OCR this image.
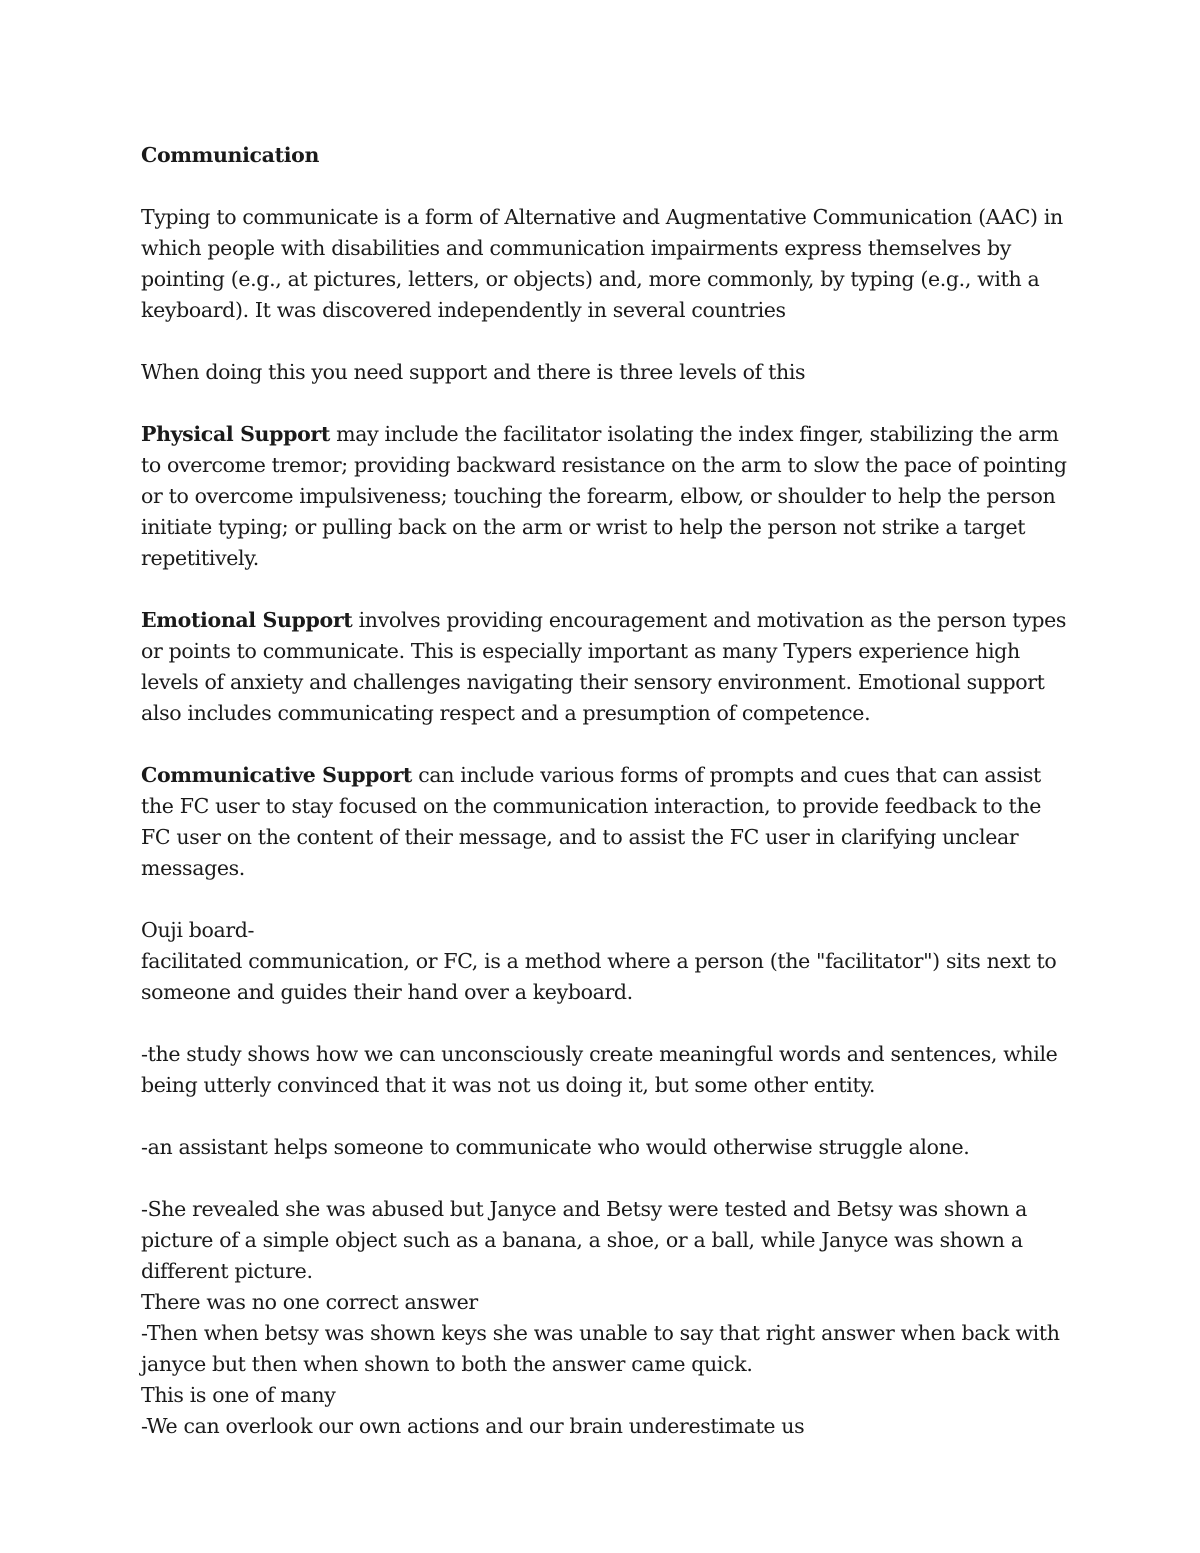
Communication

Typing to communicate is a form of Alternative and Augmentative Communication (AAC) in which people with disabilities and communication impairments express themselves by pointing (e.g., at pictures, letters, or objects) and, more commonly, by typing (e.g., with a keyboard). It was discovered independently in several countries

When doing this you need support and there is three levels of this

Physical Support may include the facilitator isolating the index finger, stabilizing the arm to overcome tremor; providing backward resistance on the arm to slow the pace of pointing or to overcome impulsiveness; touching the forearm, elbow, or shoulder to help the person initiate typing; or pulling back on the arm or wrist to help the person not strike a target repetitively.

Emotional Support involves providing encouragement and motivation as the person types or points to communicate. This is especially important as many Typers experience high levels of anxiety and challenges navigating their sensory environment. Emotional support also includes communicating respect and a presumption of competence.

Communicative Support can include various forms of prompts and cues that can assist the FC user to stay focused on the communication interaction, to provide feedback to the FC user on the content of their message, and to assist the FC user in clarifying unclear messages.

Ouji board-
facilitated communication, or FC, is a method where a person (the "facilitator") sits next to someone and guides their hand over a keyboard.

-the study shows how we can unconsciously create meaningful words and sentences, while being utterly convinced that it was not us doing it, but some other entity.

-an assistant helps someone to communicate who would otherwise struggle alone.

-She revealed she was abused but Janyce and Betsy were tested and Betsy was shown a picture of a simple object such as a banana, a shoe, or a ball, while Janyce was shown a different picture.
There was no one correct answer
-Then when betsy was shown keys she was unable to say that right answer when back with janyce but then when shown to both the answer came quick.
This is one of many
-We can overlook our own actions and our brain underestimate us
